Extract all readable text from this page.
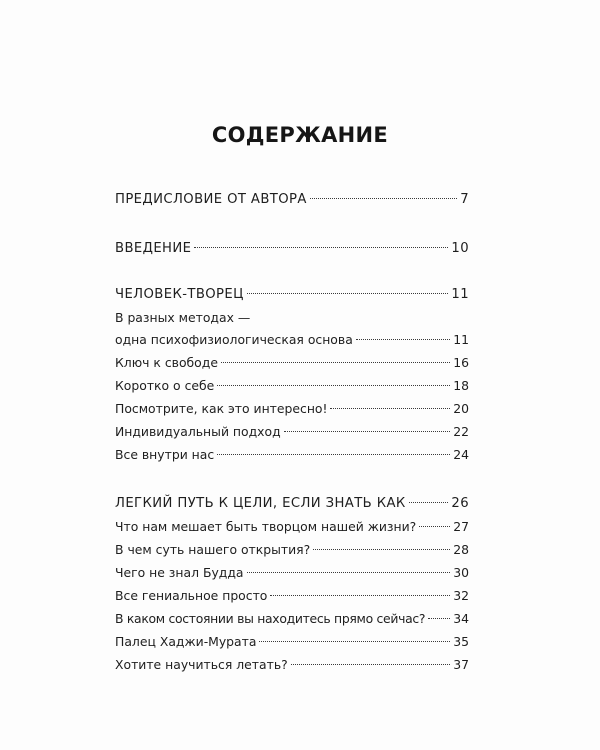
СОДЕРЖАНИЕ
ПРЕДИСЛОВИЕ ОТ АВТОРА	7
ВВЕДЕНИЕ	10
ЧЕЛОВЕК-ТВОРЕЦ	11
В разных методах —
одна психофизиологическая основа	11
Ключ к свободе	16
Коротко о себе	18
Посмотрите, как это интересно!	20
Индивидуальный подход	22
Все внутри нас	24
ЛЕГКИЙ ПУТЬ К ЦЕЛИ, ЕСЛИ ЗНАТЬ КАК	26
Что нам мешает быть творцом нашей жизни?	27
В чем суть нашего открытия?	28
Чего не знал Будда	30
Все гениальное просто	32
В каком состоянии вы находитесь прямо сейчас? 34
Палец Хаджи-Мурата	35
Хотите научиться летать?	37
